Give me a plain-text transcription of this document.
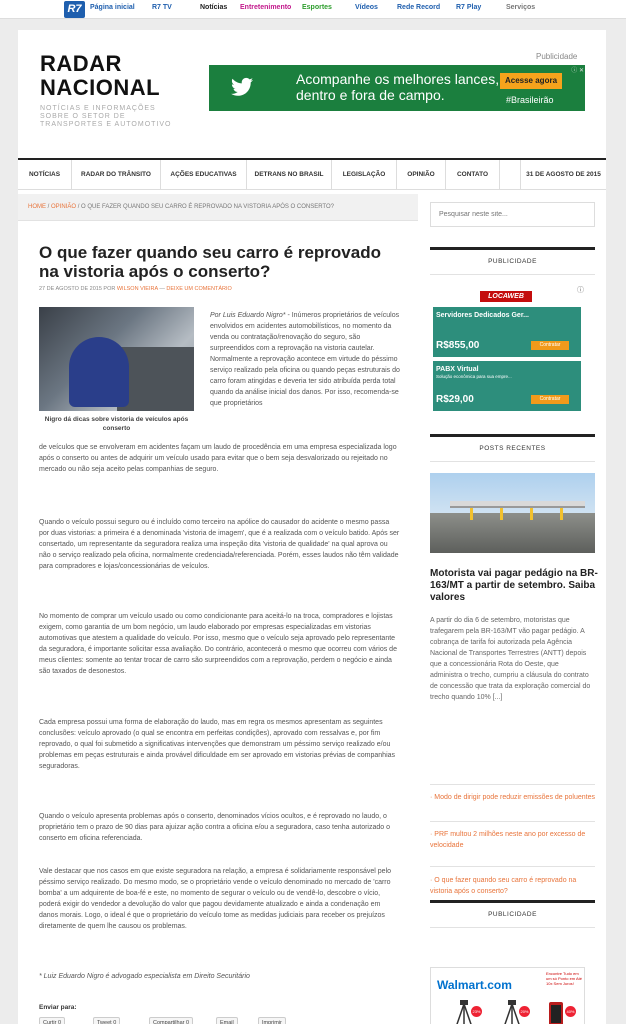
R7	Página inicial R7 TV	Notícias Entretenimento Esportes	Vídeos	Rede Record R7 Play	Serviços
RADAR
NACIONAL
NOTÍCIAS E INFORMAÇÕES SOBRE O SETOR DE TRANSPORTES E AUTOMOTIVO
Publicidade
Acompanhe os melhores lances,
dentro e fora de campo.
Acesse agora
#Brasileirão
ⓘ ✕
NOTÍCIAS	RADAR DO TRÂNSITO	AÇÕES EDUCATIVAS	DETRANS NO BRASIL	LEGISLAÇÃO	OPINIÃO	CONTATO	31 DE AGOSTO DE 2015
HOME / OPINIÃO / O QUE FAZER QUANDO SEU CARRO É REPROVADO NA VISTORIA APÓS O CONSERTO?
O que fazer quando seu carro é reprovado na vistoria após o conserto?
27 DE AGOSTO DE 2015 POR WILSON VIEIRA — DEIXE UM COMENTÁRIO
Nigro dá dicas sobre vistoria de veículos após conserto
Por Luis Eduardo Nigro* - Inúmeros proprietários de veículos envolvidos em acidentes automobilísticos, no momento da venda ou contratação/renovação do seguro, são surpreendidos com a reprovação na vistoria cautelar. Normalmente a reprovação acontece em virtude do péssimo serviço realizado pela oficina ou quando peças estruturais do carro foram atingidas e deveria ter sido atribuída perda total quando da análise inicial dos danos. Por isso, recomenda-se que proprietários
de veículos que se envolveram em acidentes façam um laudo de procedência em uma empresa especializada logo após o conserto ou antes de adquirir um veículo usado para evitar que o bem seja desvalorizado ou rejeitado no mercado ou não seja aceito pelas companhias de seguro.
Quando o veículo possui seguro ou é incluído como terceiro na apólice do causador do acidente o mesmo passa por duas vistorias: a primeira é a denominada 'vistoria de imagem', que é a realizada com o veículo batido. Após ser consertado, um representante da seguradora realiza uma inspeção dita 'vistoria de qualidade' na qual aprova ou não o serviço realizado pela oficina, normalmente credenciada/referenciada. Porém, esses laudos não têm validade para compradores e lojas/concessionárias de veículos.
No momento de comprar um veículo usado ou como condicionante para aceitá-lo na troca, compradores e lojistas exigem, como garantia de um bom negócio, um laudo elaborado por empresas especializadas em vistorias automotivas que atestem a qualidade do veículo. Por isso, mesmo que o veículo seja aprovado pelo representante da seguradora, é importante solicitar essa avaliação. Do contrário, acontecerá o mesmo que ocorreu com vários de meus clientes: somente ao tentar trocar de carro são surpreendidos com a reprovação, perdem o negócio e ainda são taxados de desonestos.
Cada empresa possui uma forma de elaboração do laudo, mas em regra os mesmos apresentam as seguintes conclusões: veículo aprovado (o qual se encontra em perfeitas condições), aprovado com ressalvas e, por fim reprovado, o qual foi submetido a significativas intervenções que demonstram um péssimo serviço realizado e/ou problemas em peças estruturais e ainda provável dificuldade em ser aprovado em vistorias prévias de companhias seguradoras.
Quando o veículo apresenta problemas após o conserto, denominados vícios ocultos, e é reprovado no laudo, o proprietário tem o prazo de 90 dias para ajuizar ação contra a oficina e/ou a seguradora, caso tenha autorizado o conserto em oficina referenciada.
Vale destacar que nos casos em que existe seguradora na relação, a empresa é solidariamente responsável pelo péssimo serviço realizado. Do mesmo modo, se o proprietário vende o veículo denominado no mercado de 'carro bomba' a um adquirente de boa-fé e este, no momento de segurar o veículo ou de vendê-lo, descobre o vício, poderá exigir do vendedor a devolução do valor que pagou devidamente atualizado e ainda a condenação em danos morais. Logo, o ideal é que o proprietário do veículo tome as medidas judiciais para receber os prejuízos diretamente de quem lhe causou os problemas.
* Luiz Eduardo Nigro é advogado especialista em Direito Securitário
Enviar para:
Curtir 0	Tweet 0	Compartilhar 0	Email	Imprimir
Pesquisar neste site...
PUBLICIDADE
LOCAWEB
ⓘ
Servidores Dedicados Ger...
R$855,00	Contratar
PABX Virtual
Solução econômica para sua empre...
R$29,00	Contratar
POSTS RECENTES
Motorista vai pagar pedágio na BR-163/MT a partir de setembro. Saiba valores
A partir do dia 6 de setembro, motoristas que trafegarem pela BR-163/MT vão pagar pedágio. A cobrança de tarifa foi autorizada pela Agência Nacional de Transportes Terrestres (ANTT) depois que a concessionária Rota do Oeste, que administra o trecho, cumpriu a cláusula do contrato de concessão que trata da exploração comercial do trecho quando 10% [...]
· Modo de dirigir pode reduzir emissões de poluentes
· PRF multou 2 milhões neste ano por excesso de velocidade
· O que fazer quando seu carro é reprovado na vistoria após o conserto?
PUBLICIDADE
Walmart.com
Encontre Tudo em um só Ponto em Até 10x Sem Juros!
23%	20%	40%
